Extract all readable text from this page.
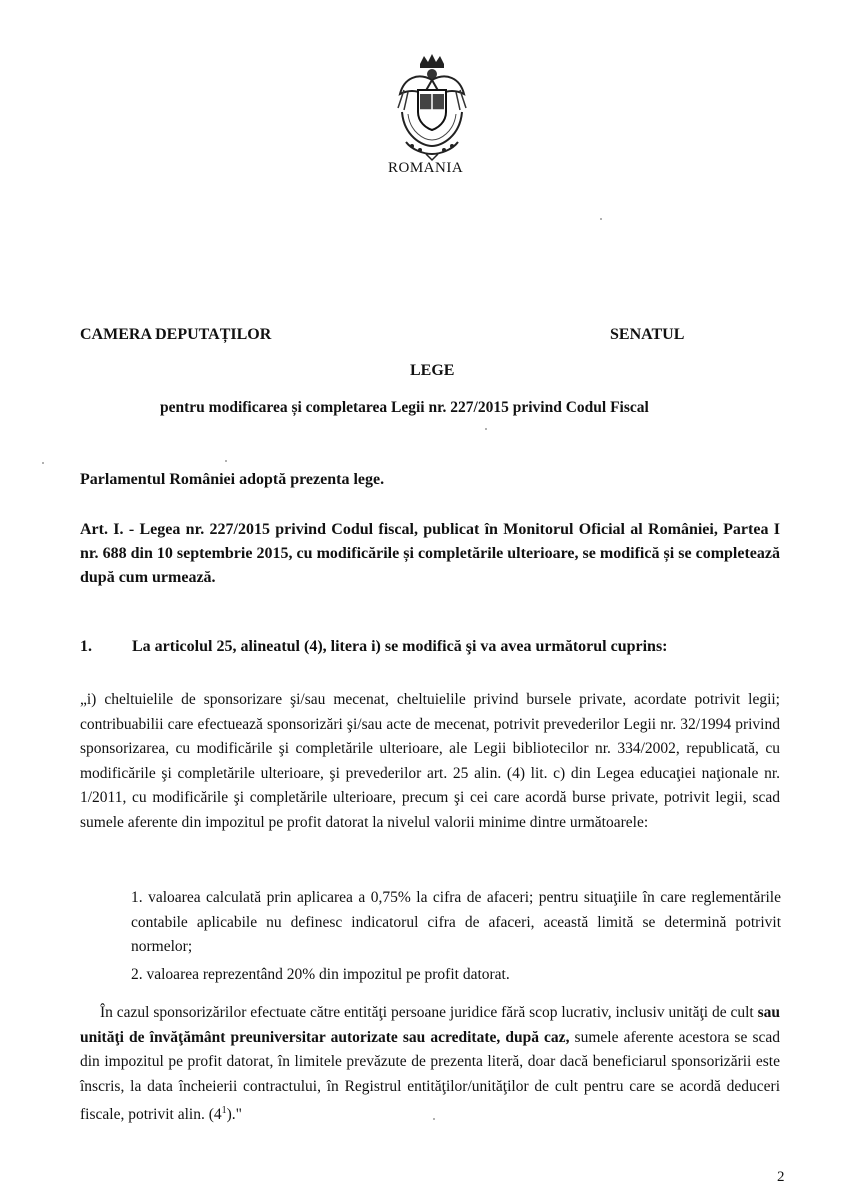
ROMANIA
CAMERA DEPUTAȚILOR	SENATUL
LEGE
pentru modificarea și completarea Legii nr. 227/2015 privind Codul Fiscal
Parlamentul României adoptă prezenta lege.
Art. I. - Legea nr. 227/2015 privind Codul fiscal, publicat în Monitorul Oficial al României, Partea I nr. 688 din 10 septembrie 2015, cu modificările și completările ulterioare, se modifică și se completează după cum urmează.
1.	La articolul 25, alineatul (4), litera i) se modifică şi va avea următorul cuprins:
„i) cheltuielile de sponsorizare şi/sau mecenat, cheltuielile privind bursele private, acordate potrivit legii; contribuabilii care efectuează sponsorizări şi/sau acte de mecenat, potrivit prevederilor Legii nr. 32/1994 privind sponsorizarea, cu modificările şi completările ulterioare, ale Legii bibliotecilor nr. 334/2002, republicată, cu modificările şi completările ulterioare, şi prevederilor art. 25 alin. (4) lit. c) din Legea educaţiei naţionale nr. 1/2011, cu modificările şi completările ulterioare, precum şi cei care acordă burse private, potrivit legii, scad sumele aferente din impozitul pe profit datorat la nivelul valorii minime dintre următoarele:
1. valoarea calculată prin aplicarea a 0,75% la cifra de afaceri; pentru situaţiile în care reglementările contabile aplicabile nu definesc indicatorul cifra de afaceri, această limită se determină potrivit normelor;
2. valoarea reprezentând 20% din impozitul pe profit datorat.
În cazul sponsorizărilor efectuate către entităţi persoane juridice fără scop lucrativ, inclusiv unităţi de cult sau unităţi de învăţământ preuniversitar autorizate sau acreditate, după caz, sumele aferente acestora se scad din impozitul pe profit datorat, în limitele prevăzute de prezenta literă, doar dacă beneficiarul sponsorizării este înscris, la data încheierii contractului, în Registrul entităţilor/unităţilor de cult pentru care se acordă deduceri fiscale, potrivit alin. $(4^1)$."
2
